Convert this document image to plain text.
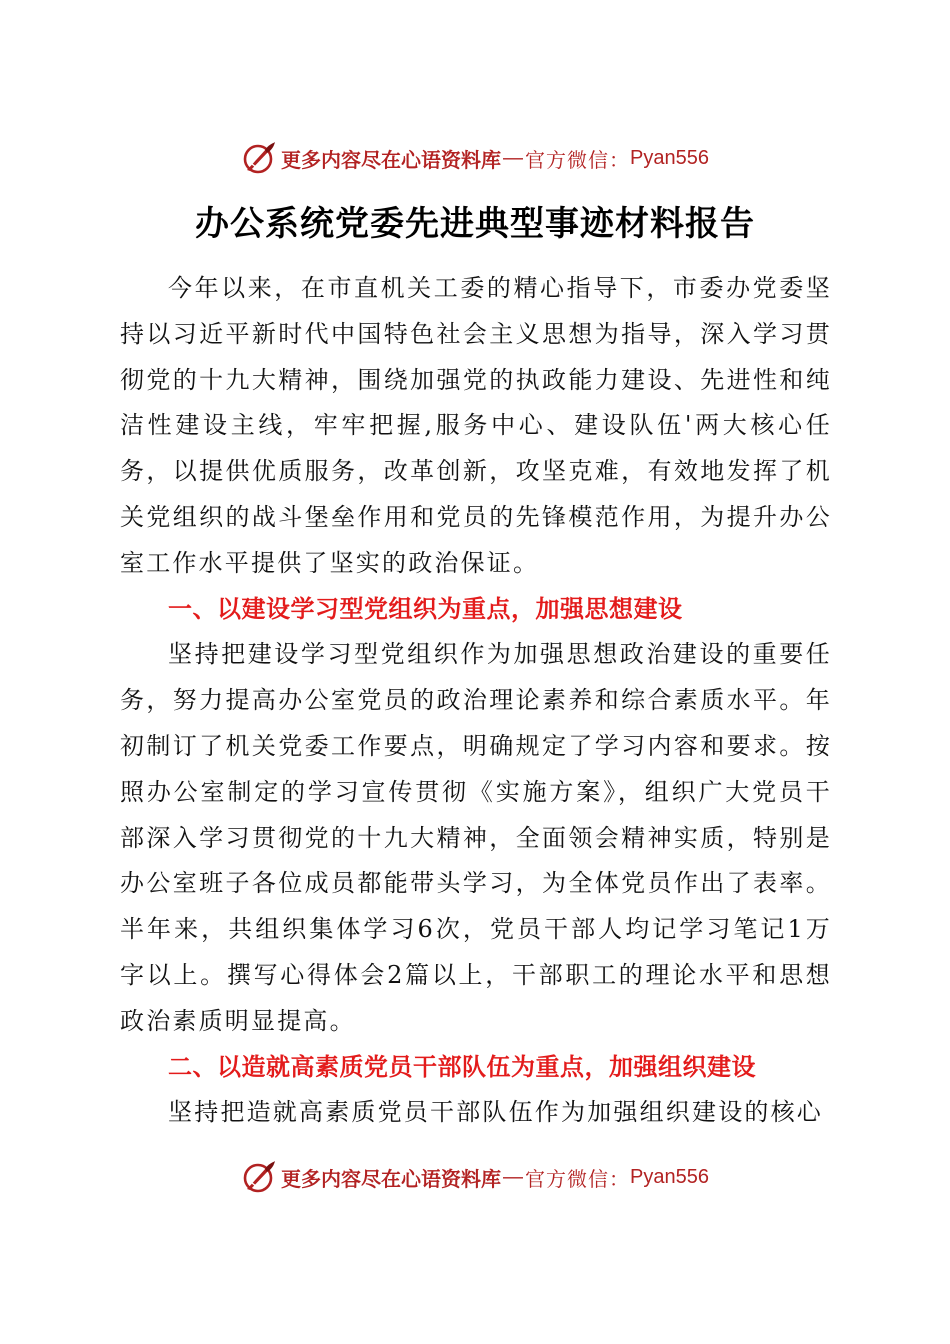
更多内容尽在心语资料库 — 官方微信： Pyan556
办公系统党委先进典型事迹材料报告

今年以来，在市直机关工委的精心指导下，市委办党委坚持以习近平新时代中国特色社会主义思想为指导，深入学习贯彻党的十九大精神，围绕加强党的执政能力建设、先进性和纯洁性建设主线，牢牢把握,服务中心、建设队伍'两大核心任务，以提供优质服务，改革创新，攻坚克难，有效地发挥了机关党组织的战斗堡垒作用和党员的先锋模范作用，为提升办公室工作水平提供了坚实的政治保证。

一、以建设学习型党组织为重点，加强思想建设

坚持把建设学习型党组织作为加强思想政治建设的重要任务，努力提高办公室党员的政治理论素养和综合素质水平。年初制订了机关党委工作要点，明确规定了学习内容和要求。按照办公室制定的学习宣传贯彻《实施方案》，组织广大党员干部深入学习贯彻党的十九大精神，全面领会精神实质，特别是办公室班子各位成员都能带头学习，为全体党员作出了表率。半年来，共组织集体学习6次，党员干部人均记学习笔记1万字以上。撰写心得体会2篇以上，干部职工的理论水平和思想政治素质明显提高。

二、以造就高素质党员干部队伍为重点，加强组织建设

坚持把造就高素质党员干部队伍作为加强组织建设的核心

更多内容尽在心语资料库 — 官方微信： Pyan556
